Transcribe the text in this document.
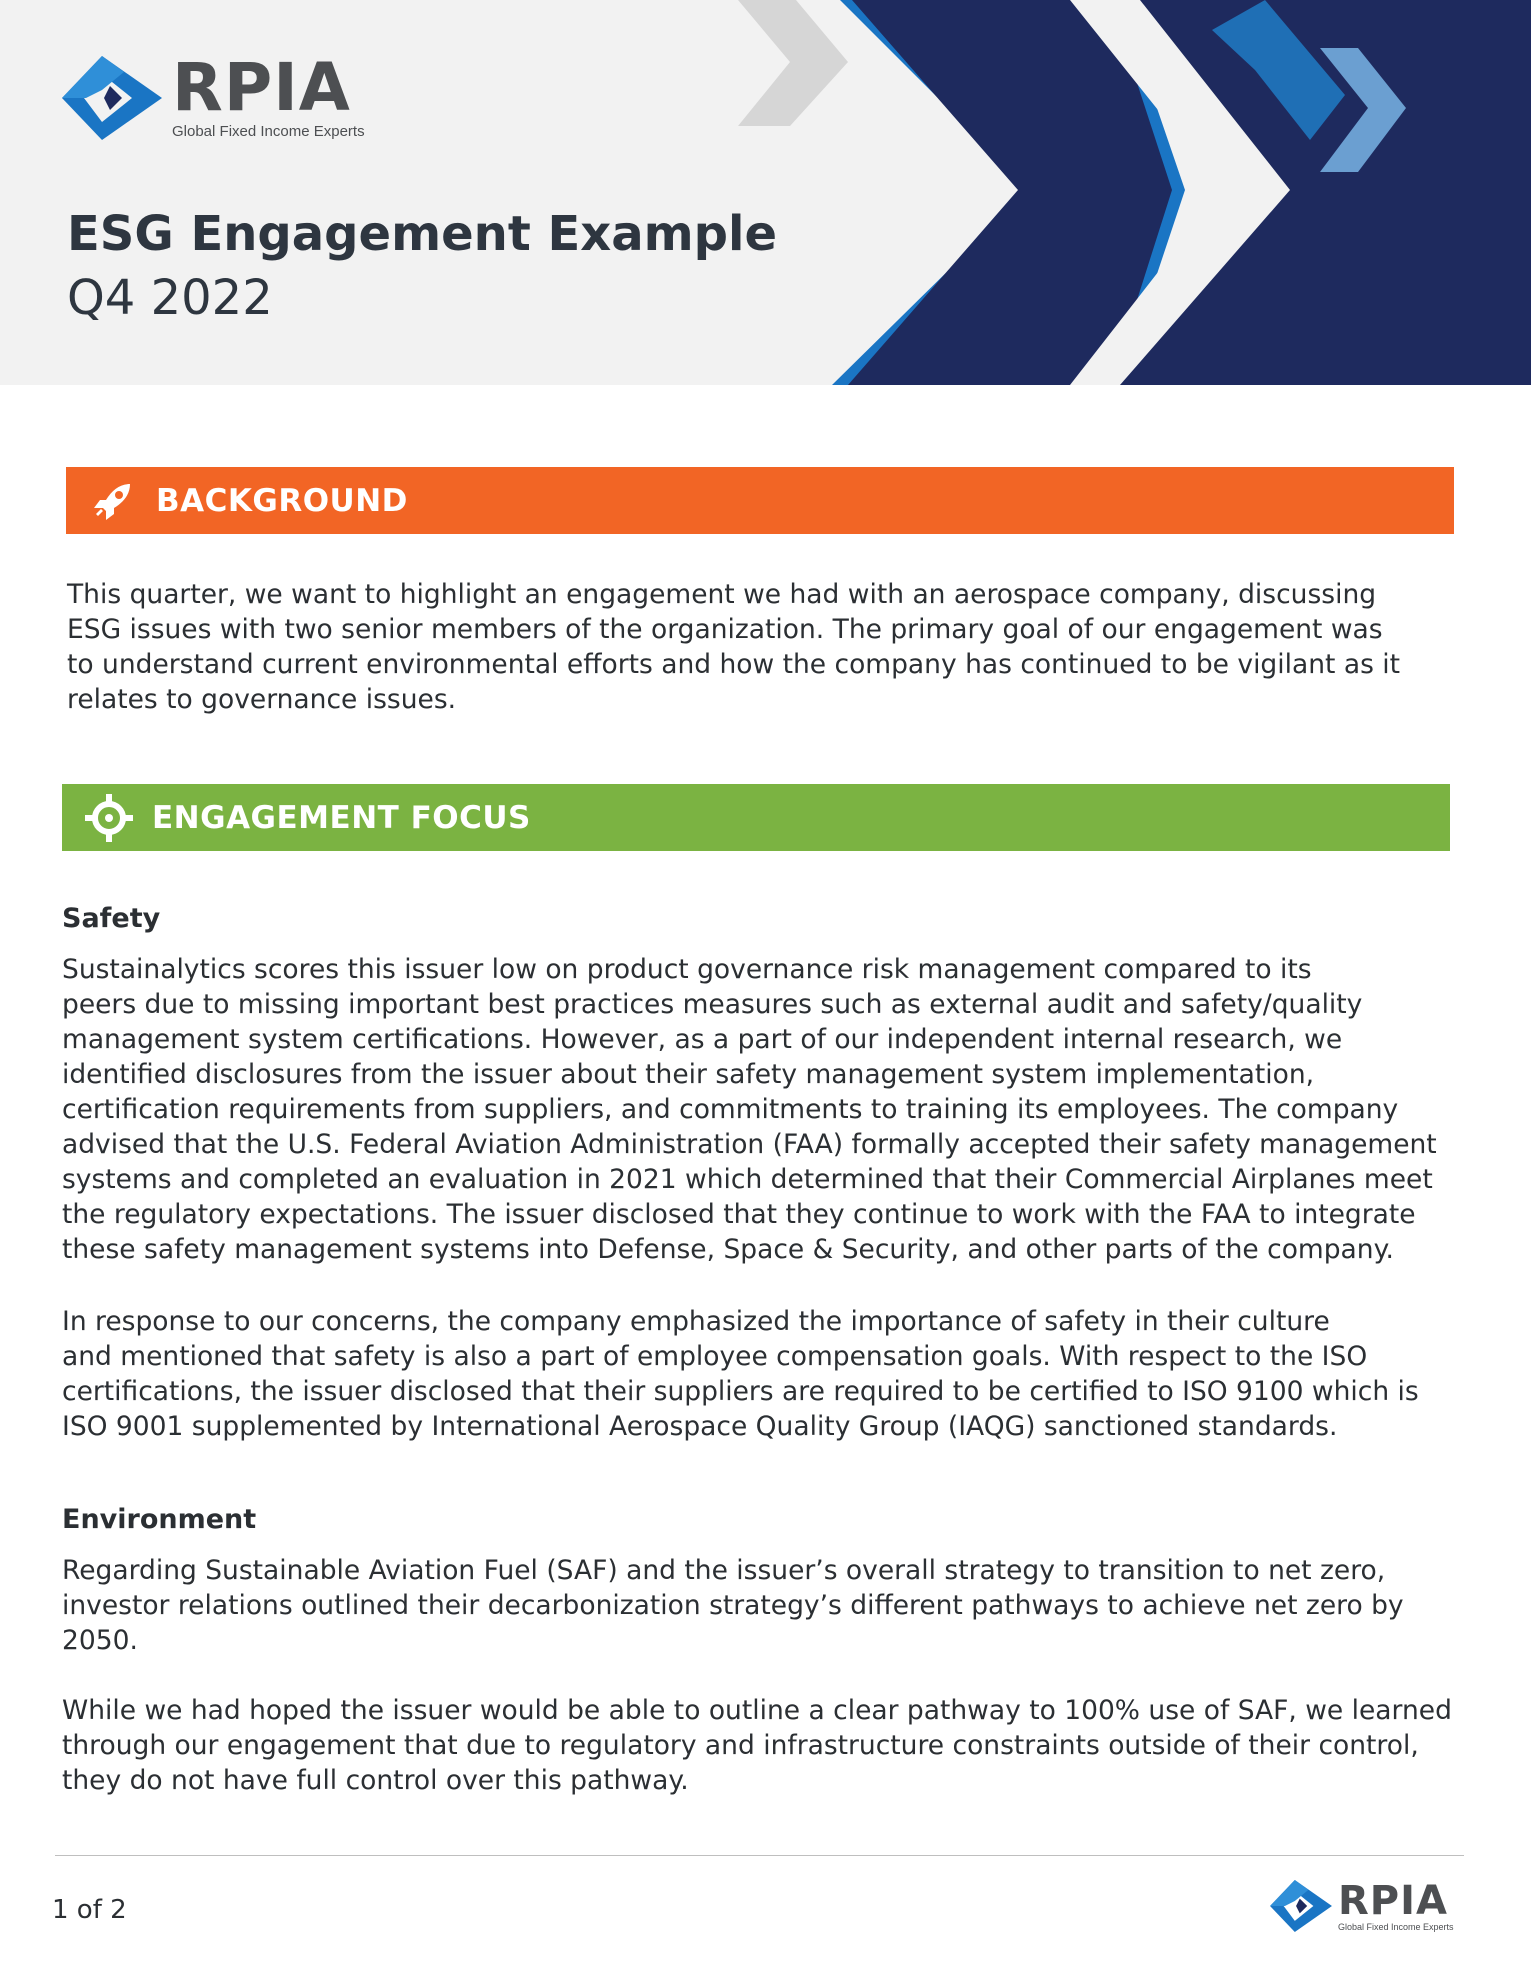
RPIA
Global Fixed Income Experts
ESG Engagement Example
Q4 2022
BACKGROUND

This quarter, we want to highlight an engagement we had with an aerospace company, discussing
ESG issues with two senior members of the organization. The primary goal of our engagement was
to understand current environmental efforts and how the company has continued to be vigilant as it
relates to governance issues.

ENGAGEMENT FOCUS
Safety

Sustainalytics scores this issuer low on product governance risk management compared to its
peers due to missing important best practices measures such as external audit and safety/quality
management system certifications. However, as a part of our independent internal research, we
identified disclosures from the issuer about their safety management system implementation,
certification requirements from suppliers, and commitments to training its employees. The company
advised that the U.S. Federal Aviation Administration (FAA) formally accepted their safety management
systems and completed an evaluation in 2021 which determined that their Commercial Airplanes meet
the regulatory expectations. The issuer disclosed that they continue to work with the FAA to integrate
these safety management systems into Defense, Space & Security, and other parts of the company.

In response to our concerns, the company emphasized the importance of safety in their culture
and mentioned that safety is also a part of employee compensation goals. With respect to the ISO
certifications, the issuer disclosed that their suppliers are required to be certified to ISO 9100 which is
ISO 9001 supplemented by International Aerospace Quality Group (IAQG) sanctioned standards.

Environment

Regarding Sustainable Aviation Fuel (SAF) and the issuer’s overall strategy to transition to net zero,
investor relations outlined their decarbonization strategy’s different pathways to achieve net zero by
2050.

While we had hoped the issuer would be able to outline a clear pathway to 100% use of SAF, we learned
through our engagement that due to regulatory and infrastructure constraints outside of their control,
they do not have full control over this pathway.

1 of 2	RPIA
Global Fixed Income Experts
